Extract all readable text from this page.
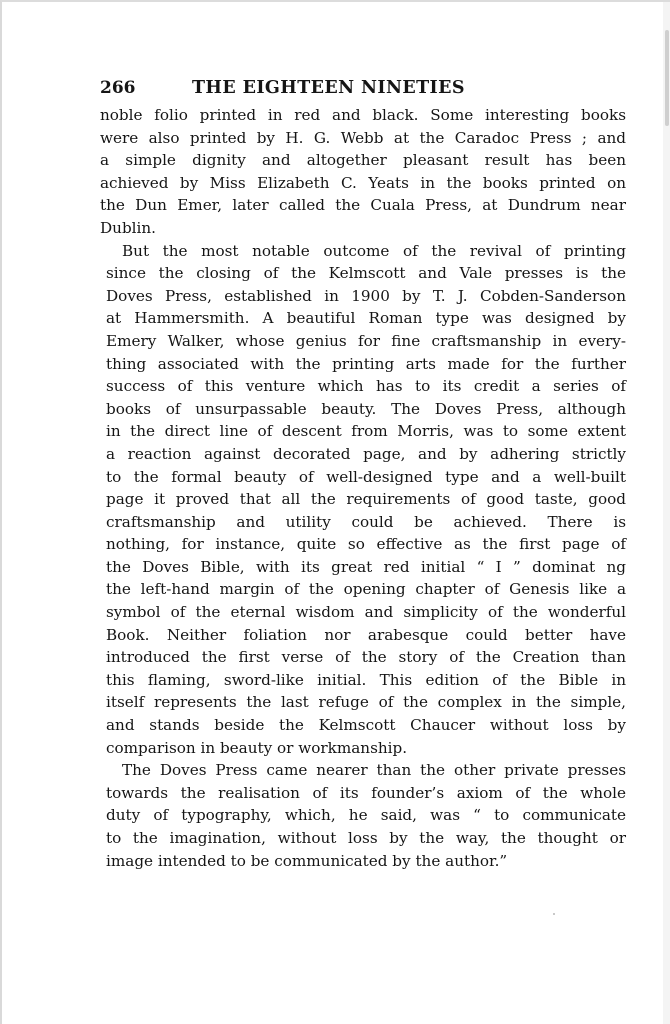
266	THE EIGHTEEN NINETIES
noble folio printed in red and black. Some interesting books
were also printed by H. G. Webb at the Caradoc Press ; and
a simple dignity and altogether pleasant result has been
achieved by Miss Elizabeth C. Yeats in the books printed on
the Dun Emer, later called the Cuala Press, at Dundrum near
Dublin.
But the most notable outcome of the revival of printing
since the closing of the Kelmscott and Vale presses is the
Doves Press, established in 1900 by T. J. Cobden-Sanderson
at Hammersmith. A beautiful Roman type was designed by
Emery Walker, whose genius for fine craftsmanship in every-
thing associated with the printing arts made for the further
success of this venture which has to its credit a series of
books of unsurpassable beauty. The Doves Press, although
in the direct line of descent from Morris, was to some extent
a reaction against decorated page, and by adhering strictly
to the formal beauty of well-designed type and a well-built
page it proved that all the requirements of good taste, good
craftsmanship and utility could be achieved. There is
nothing, for instance, quite so effective as the first page of
the Doves Bible, with its great red initial “ I ” dominat ng
the left-hand margin of the opening chapter of Genesis like a
symbol of the eternal wisdom and simplicity of the wonderful
Book. Neither foliation nor arabesque could better have
introduced the first verse of the story of the Creation than
this flaming, sword-like initial. This edition of the Bible in
itself represents the last refuge of the complex in the simple,
and stands beside the Kelmscott Chaucer without loss by
comparison in beauty or workmanship.
The Doves Press came nearer than the other private presses
towards the realisation of its founder’s axiom of the whole
duty of typography, which, he said, was “ to communicate
to the imagination, without loss by the way, the thought or
image intended to be communicated by the author.”
